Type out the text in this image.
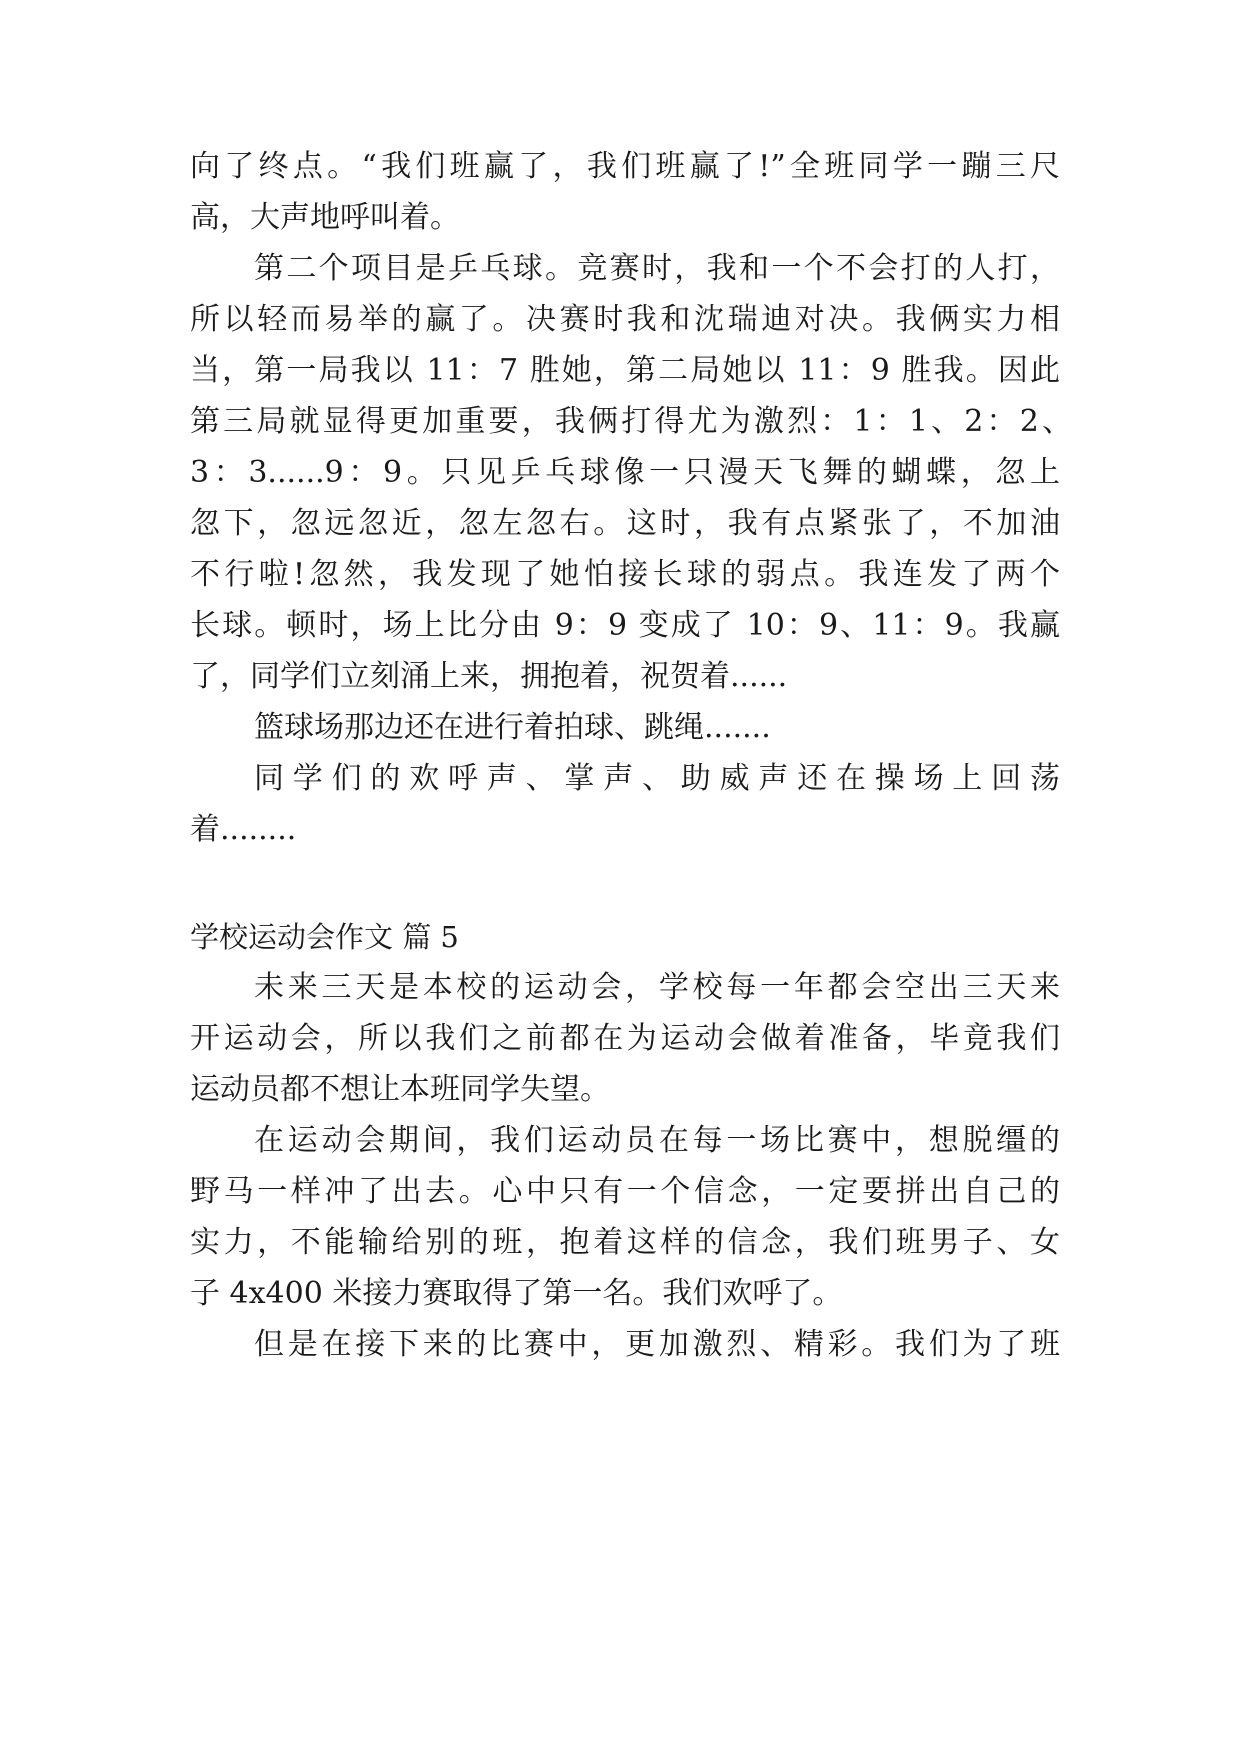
向了终点。“我们班赢了，我们班赢了!”全班同学一蹦三尺
高，大声地呼叫着。
第二个项目是乒乓球。竞赛时，我和一个不会打的人打，
所以轻而易举的赢了。决赛时我和沈瑞迪对决。我俩实力相
当，第一局我以 11：7 胜她，第二局她以 11：9 胜我。因此
第三局就显得更加重要，我俩打得尤为激烈：1：1、2：2、
3：3......9：9。只见乒乓球像一只漫天飞舞的蝴蝶，忽上
忽下，忽远忽近，忽左忽右。这时，我有点紧张了，不加油
不行啦!忽然，我发现了她怕接长球的弱点。我连发了两个
长球。顿时，场上比分由 9：9 变成了 10：9、11：9。我赢
了，同学们立刻涌上来，拥抱着，祝贺着......
篮球场那边还在进行着拍球、跳绳.......
同学们的欢呼声、掌声、助威声还在操场上回荡
着........
学校运动会作文 篇 5
未来三天是本校的运动会，学校每一年都会空出三天来
开运动会，所以我们之前都在为运动会做着准备，毕竟我们
运动员都不想让本班同学失望。
在运动会期间，我们运动员在每一场比赛中，想脱缰的
野马一样冲了出去。心中只有一个信念，一定要拼出自己的
实力，不能输给别的班，抱着这样的信念，我们班男子、女
子 4x400 米接力赛取得了第一名。我们欢呼了。
但是在接下来的比赛中，更加激烈、精彩。我们为了班
